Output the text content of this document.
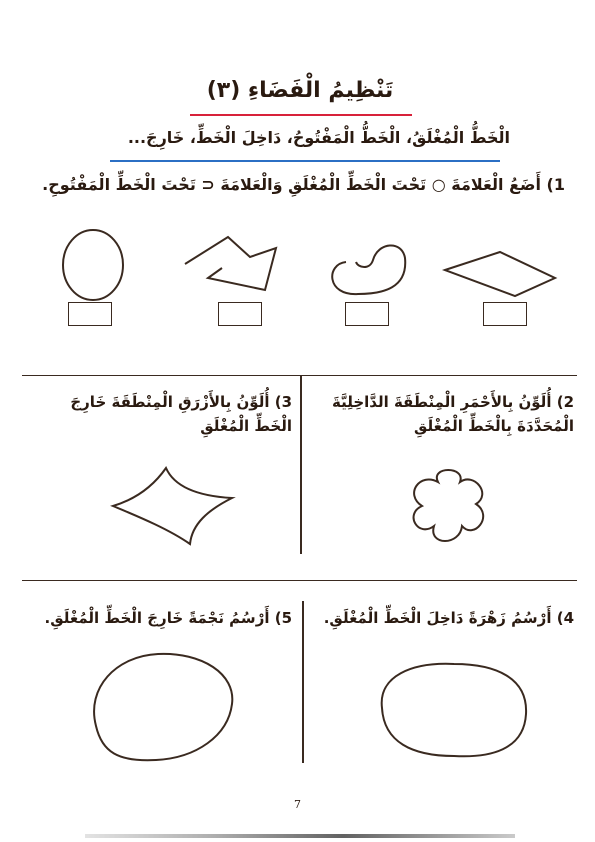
تَنْظِيمُ الْفَضَاءِ (٣)
الْخَطُّ الْمُغْلَقُ، الْخَطُّ الْمَفْتُوحُ، دَاخِلَ الْخَطِّ، خَارِجَ...
1) أَضَعُ الْعَلامَةَ ○ تَحْتَ الْخَطِّ الْمُغْلَقِ وَالْعَلامَةَ ⊂ تَحْتَ الْخَطِّ الْمَفْتُوحِ.
2) أُلَوِّنُ بِالأَحْمَرِ الْمِنْطَقَةَ الدَّاخِلِيَّةَ الْمُحَدَّدَةَ بِالْخَطِّ الْمُغْلَقِ
3) أُلَوِّنُ بِالأَزْرَقِ الْمِنْطَقَةَ خَارِجَ الْخَطِّ الْمُغْلَقِ
4) أَرْسُمُ زَهْرَةً دَاخِلَ الْخَطِّ الْمُغْلَقِ.
5) أَرْسُمُ نَجْمَةً خَارِجَ الْخَطِّ الْمُغْلَقِ.
7
